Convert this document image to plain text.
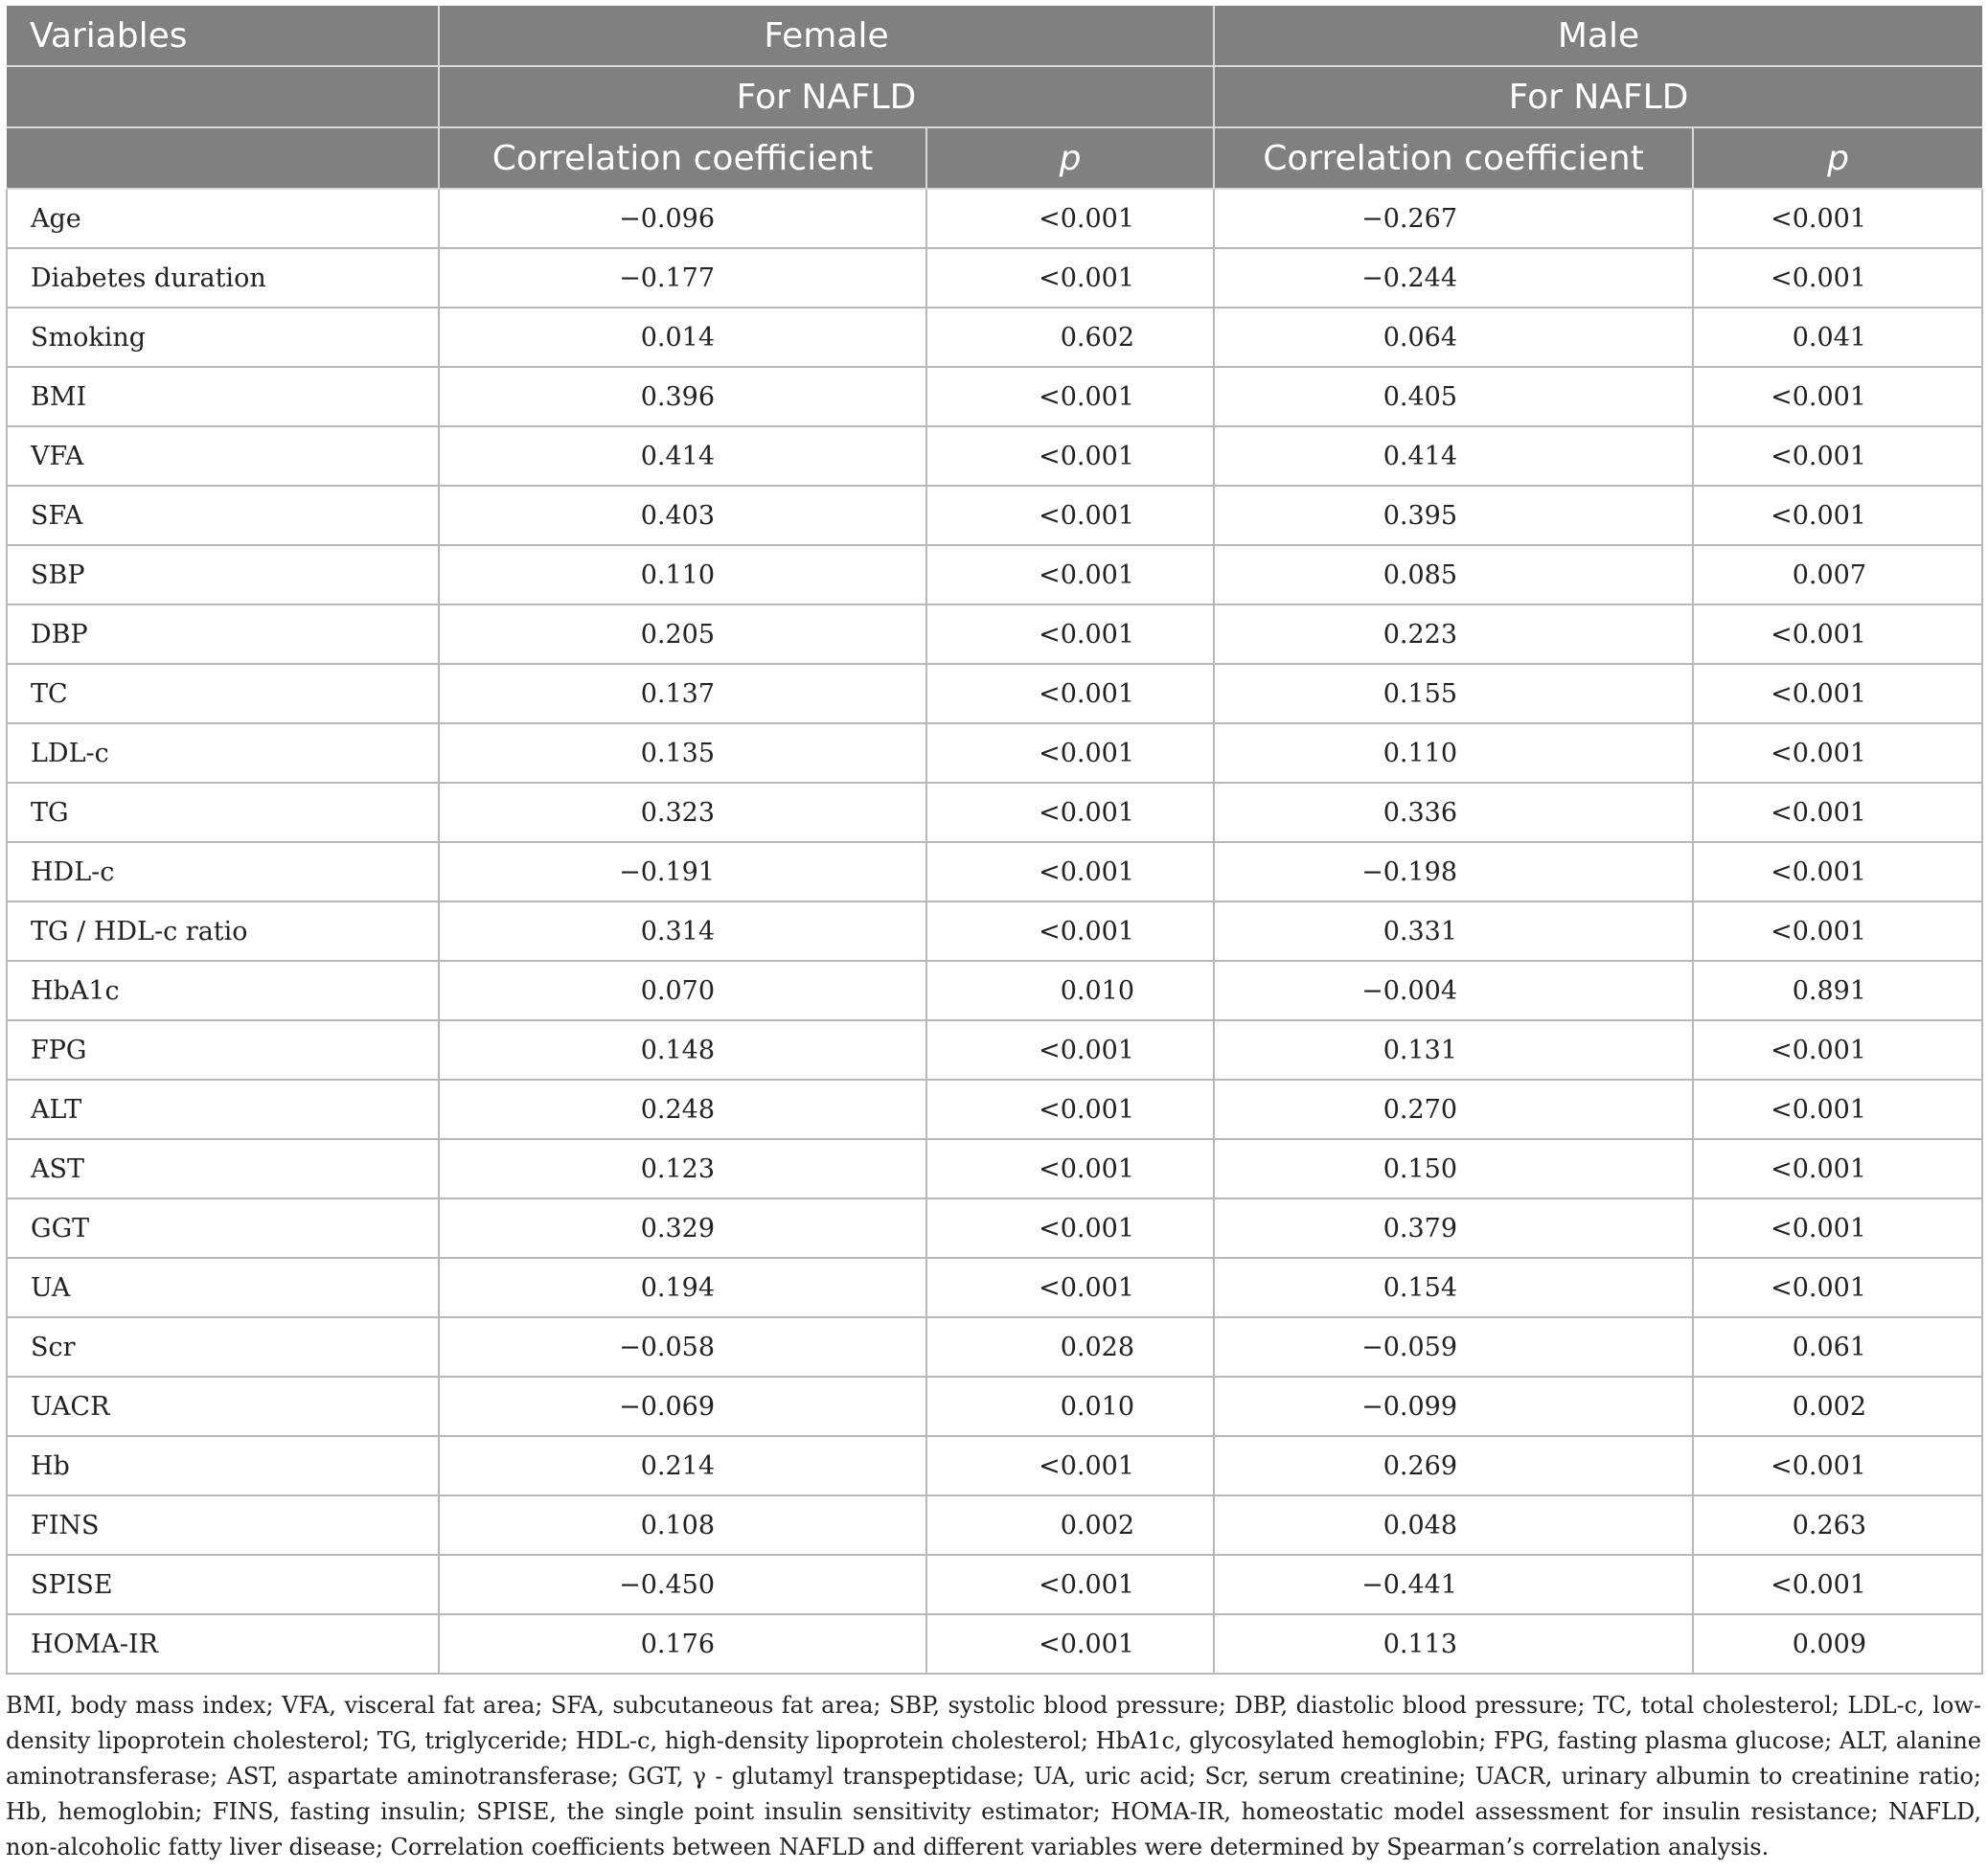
Variables	Female		Male	
	For NAFLD		For NAFLD	
	Correlation coefficient	p	Correlation coefficient	p
Age	−0.096	<0.001	−0.267	<0.001
Diabetes duration	−0.177	<0.001	−0.244	<0.001
Smoking	0.014	0.602	0.064	0.041
BMI	0.396	<0.001	0.405	<0.001
VFA	0.414	<0.001	0.414	<0.001
SFA	0.403	<0.001	0.395	<0.001
SBP	0.110	<0.001	0.085	0.007
DBP	0.205	<0.001	0.223	<0.001
TC	0.137	<0.001	0.155	<0.001
LDL-c	0.135	<0.001	0.110	<0.001
TG	0.323	<0.001	0.336	<0.001
HDL-c	−0.191	<0.001	−0.198	<0.001
TG / HDL-c ratio	0.314	<0.001	0.331	<0.001
HbA1c	0.070	0.010	−0.004	0.891
FPG	0.148	<0.001	0.131	<0.001
ALT	0.248	<0.001	0.270	<0.001
AST	0.123	<0.001	0.150	<0.001
GGT	0.329	<0.001	0.379	<0.001
UA	0.194	<0.001	0.154	<0.001
Scr	−0.058	0.028	−0.059	0.061
UACR	−0.069	0.010	−0.099	0.002
Hb	0.214	<0.001	0.269	<0.001
FINS	0.108	0.002	0.048	0.263
SPISE	−0.450	<0.001	−0.441	<0.001
HOMA-IR	0.176	<0.001	0.113	0.009
BMI, body mass index; VFA, visceral fat area; SFA, subcutaneous fat area; SBP, systolic blood pressure; DBP, diastolic blood pressure; TC, total cholesterol; LDL-c, low-density lipoprotein cholesterol; TG, triglyceride; HDL-c, high-density lipoprotein cholesterol; HbA1c, glycosylated hemoglobin; FPG, fasting plasma glucose; ALT, alanine aminotransferase; AST, aspartate aminotransferase; GGT, γ - glutamyl transpeptidase; UA, uric acid; Scr, serum creatinine; UACR, urinary albumin to creatinine ratio; Hb, hemoglobin; FINS, fasting insulin; SPISE, the single point insulin sensitivity estimator; HOMA-IR, homeostatic model assessment for insulin resistance; NAFLD, non-alcoholic fatty liver disease; Correlation coefficients between NAFLD and different variables were determined by Spearman’s correlation analysis.
